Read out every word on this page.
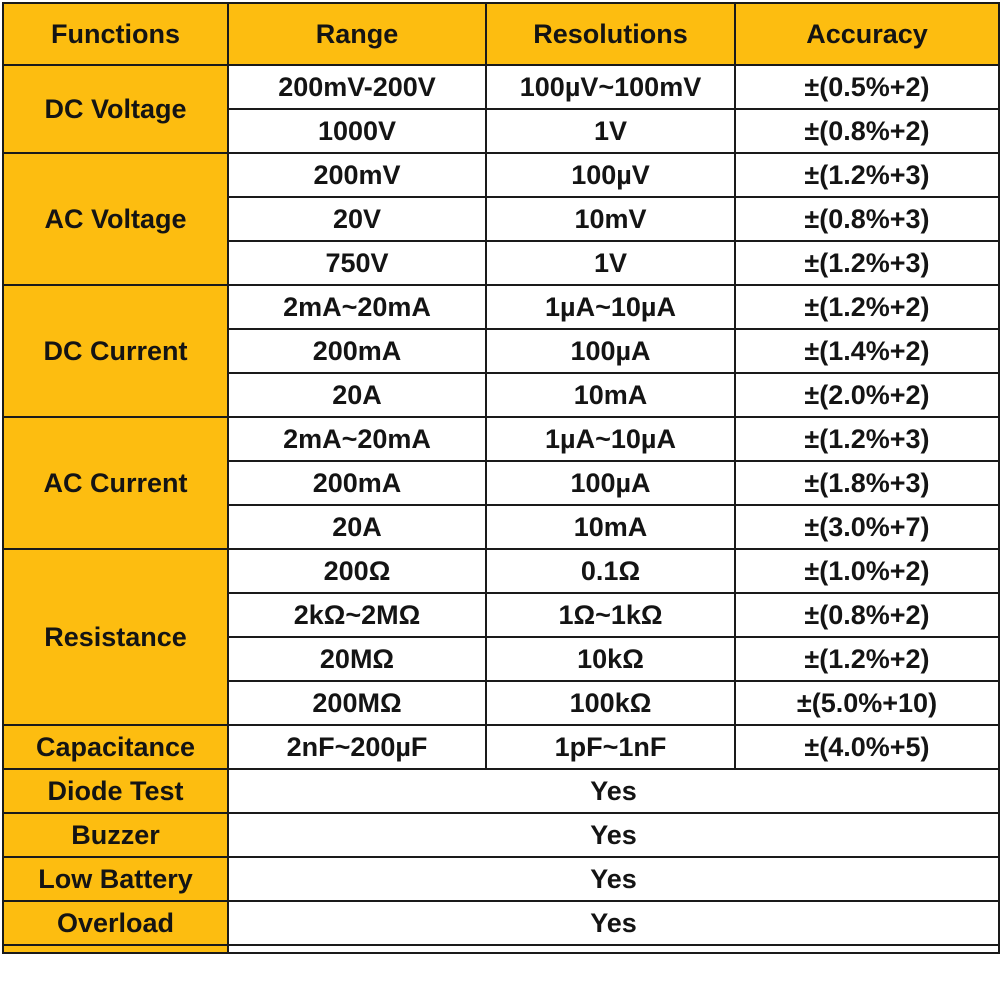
Functions	Range	Resolutions	Accuracy
DC Voltage	200mV-200V	100µV~100mV	±(0.5%+2)
	1000V	1V	±(0.8%+2)
AC Voltage	200mV	100µV	±(1.2%+3)
	20V	10mV	±(0.8%+3)
	750V	1V	±(1.2%+3)
DC Current	2mA~20mA	1µA~10µA	±(1.2%+2)
	200mA	100µA	±(1.4%+2)
	20A	10mA	±(2.0%+2)
AC Current	2mA~20mA	1µA~10µA	±(1.2%+3)
	200mA	100µA	±(1.8%+3)
	20A	10mA	±(3.0%+7)
Resistance	200Ω	0.1Ω	±(1.0%+2)
	2kΩ~2MΩ	1Ω~1kΩ	±(0.8%+2)
	20MΩ	10kΩ	±(1.2%+2)
	200MΩ	100kΩ	±(5.0%+10)
Capacitance	2nF~200µF	1pF~1nF	±(4.0%+5)
Diode Test	Yes		
Buzzer	Yes		
Low Battery	Yes		
Overload	Yes		
